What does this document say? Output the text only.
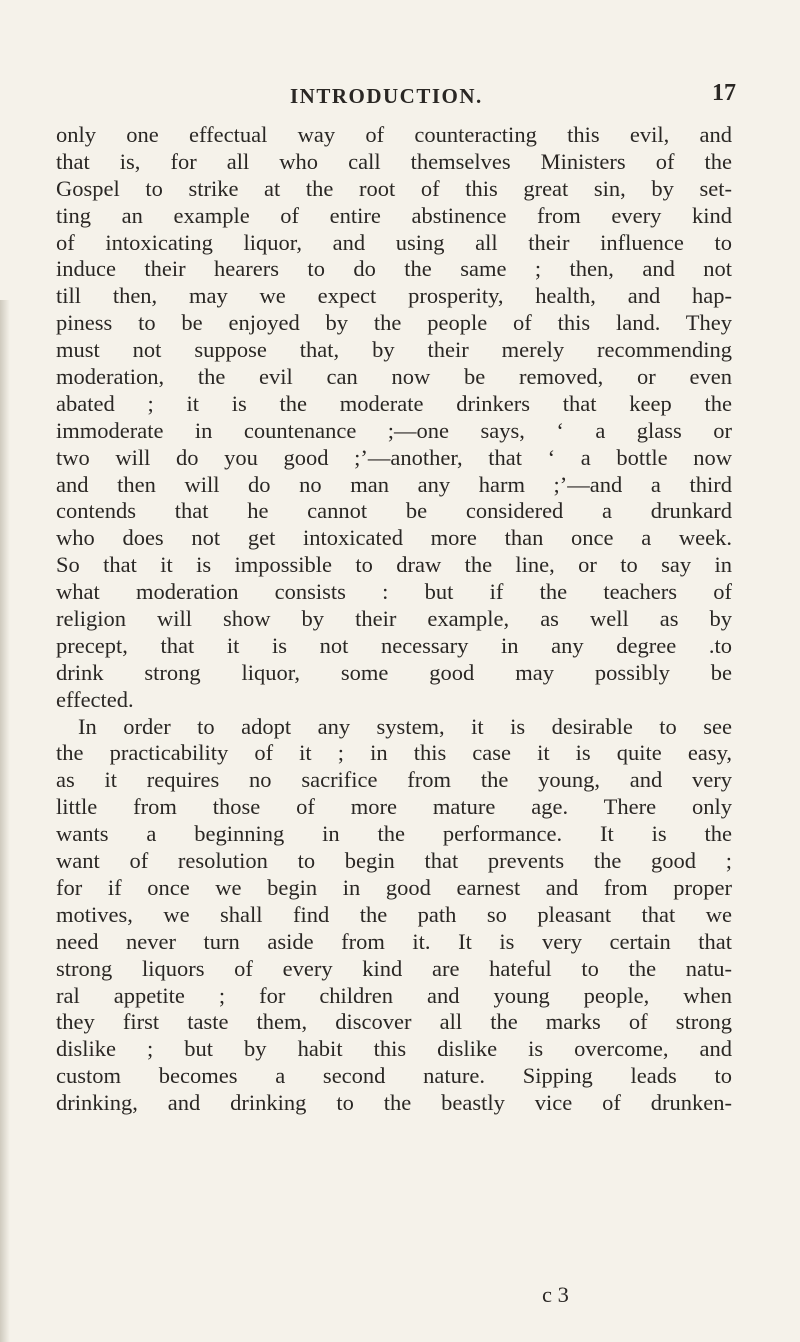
INTRODUCTION.	17
only one effectual way of counteracting this evil, and
that is, for all who call themselves Ministers of the
Gospel to strike at the root of this great sin, by set-
ting an example of entire abstinence from every kind
of intoxicating liquor, and using all their influence to
induce their hearers to do the same ; then, and not
till then, may we expect prosperity, health, and hap-
piness to be enjoyed by the people of this land. They
must not suppose that, by their merely recommending
moderation, the evil can now be removed, or even
abated ; it is the moderate drinkers that keep the
immoderate in countenance ;—one says, ‘ a glass or
two will do you good ;’—another, that ‘ a bottle now
and then will do no man any harm ;’—and a third
contends that he cannot be considered a drunkard
who does not get intoxicated more than once a week.
So that it is impossible to draw the line, or to say in
what moderation consists : but if the teachers of
religion will show by their example, as well as by
precept, that it is not necessary in any degree .to
drink strong liquor, some good may possibly be
effected.
In order to adopt any system, it is desirable to see
the practicability of it ; in this case it is quite easy,
as it requires no sacrifice from the young, and very
little from those of more mature age. There only
wants a beginning in the performance. It is the
want of resolution to begin that prevents the good ;
for if once we begin in good earnest and from proper
motives, we shall find the path so pleasant that we
need never turn aside from it. It is very certain that
strong liquors of every kind are hateful to the natu-
ral appetite ; for children and young people, when
they first taste them, discover all the marks of strong
dislike ; but by habit this dislike is overcome, and
custom becomes a second nature. Sipping leads to
drinking, and drinking to the beastly vice of drunken-
c 3
